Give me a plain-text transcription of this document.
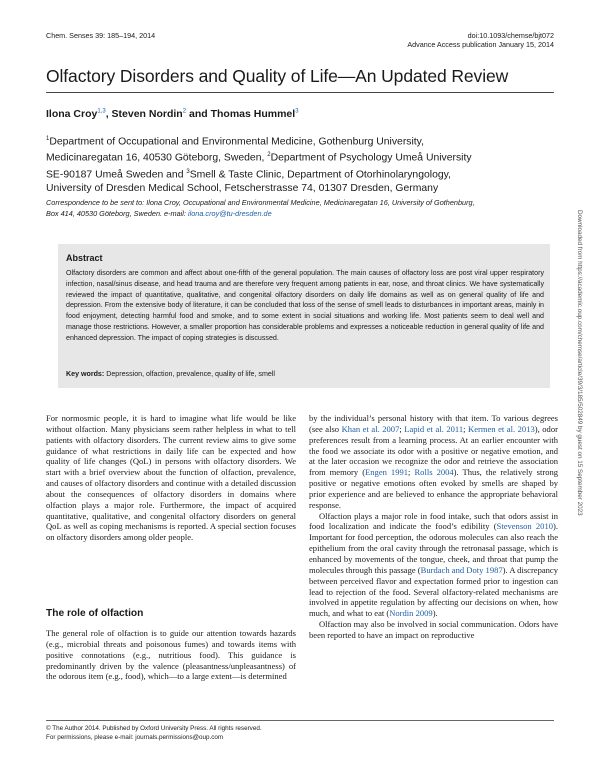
Chem. Senses 39: 185–194, 2014	doi:10.1093/chemse/bjt072
Advance Access publication January 15, 2014
Olfactory Disorders and Quality of Life—An Updated Review
Ilona Croy$^{1,3}$, Steven Nordin$^2$ and Thomas Hummel$^3$
$^1$Department of Occupational and Environmental Medicine, Gothenburg University,
Medicinaregatan 16, 40530 Göteborg, Sweden, $^2$Department of Psychology Umeå University
SE-90187 Umeå Sweden and $^3$Smell & Taste Clinic, Department of Otorhinolaryngology,
University of Dresden Medical School, Fetscherstrasse 74, 01307 Dresden, Germany
Correspondence to be sent to: Ilona Croy, Occupational and Environmental Medicine, Medicinaregatan 16, University of Gothenburg,
Box 414, 40530 Göteborg, Sweden. e-mail: ilona.croy@tu-dresden.de
Abstract
Olfactory disorders are common and affect about one-fifth of the general population. The main causes of olfactory loss are post viral upper respiratory infection, nasal/sinus disease, and head trauma and are therefore very frequent among patients in ear, nose, and throat clinics. We have systematically reviewed the impact of quantitative, qualitative, and congenital olfactory disorders on daily life domains as well as on general quality of life and depression. From the extensive body of literature, it can be concluded that loss of the sense of smell leads to disturbances in important areas, mainly in food enjoyment, detecting harmful food and smoke, and to some extent in social situations and working life. Most patients seem to deal well and manage those restrictions. However, a smaller proportion has considerable problems and expresses a noticeable reduction in general quality of life and enhanced depression. The impact of coping strategies is discussed.
Key words: Depression, olfaction, prevalence, quality of life, smell

For normosmic people, it is hard to imagine what life would be like without olfaction. Many physicians seem rather helpless in what to tell patients with olfactory disorders. The current review aims to give some guidance of what restrictions in daily life can be expected and how quality of life changes (QoL) in persons with olfactory disorders. We start with a brief overview about the function of olfaction, prevalence, and causes of olfactory disorders and continue with a detailed discussion about the consequences of olfactory disorders in domains where olfaction plays a major role. Furthermore, the impact of acquired quantitative, qualitative, and congenital olfactory disorders on general QoL as well as coping mechanisms is reported. A special section focuses on olfactory disorders among older people.

The role of olfaction

The general role of olfaction is to guide our attention towards hazards (e.g., microbial threats and poisonous fumes) and towards items with positive connotations (e.g., nutritious food). This guidance is predominantly driven by the valence (pleasantness/unpleasantness) of the odorous item (e.g., food), which—to a large extent—is determined

by the individual’s personal history with that item. To various degrees (see also Khan et al. 2007; Lapid et al. 2011; Kermen et al. 2013), odor preferences result from a learning process. At an earlier encounter with the food we associate its odor with a positive or negative emotion, and at the later occasion we recognize the odor and retrieve the association from memory (Engen 1991; Rolls 2004). Thus, the relatively strong positive or negative emotions often evoked by smells are shaped by prior experience and are believed to enhance the appropriate behavioral response.

Olfaction plays a major role in food intake, such that odors assist in food localization and indicate the food’s edibility (Stevenson 2010). Important for food perception, the odorous molecules can also reach the epithelium from the oral cavity through the retronasal passage, which is enhanced by movements of the tongue, cheek, and throat that pump the molecules through this passage (Burdach and Doty 1987). A discrepancy between perceived flavor and expectation formed prior to ingestion can lead to rejection of the food. Several olfactory-related mechanisms are involved in appetite regulation by affecting our decisions on when, how much, and what to eat (Nordin 2009).

Olfaction may also be involved in social communication. Odors have been reported to have an impact on reproductive

© The Author 2014. Published by Oxford University Press. All rights reserved.
For permissions, please e-mail: journals.permissions@oup.com
Downloaded from https://academic.oup.com/chemse/article/39/3/185/502849 by guest on 15 September 2023
